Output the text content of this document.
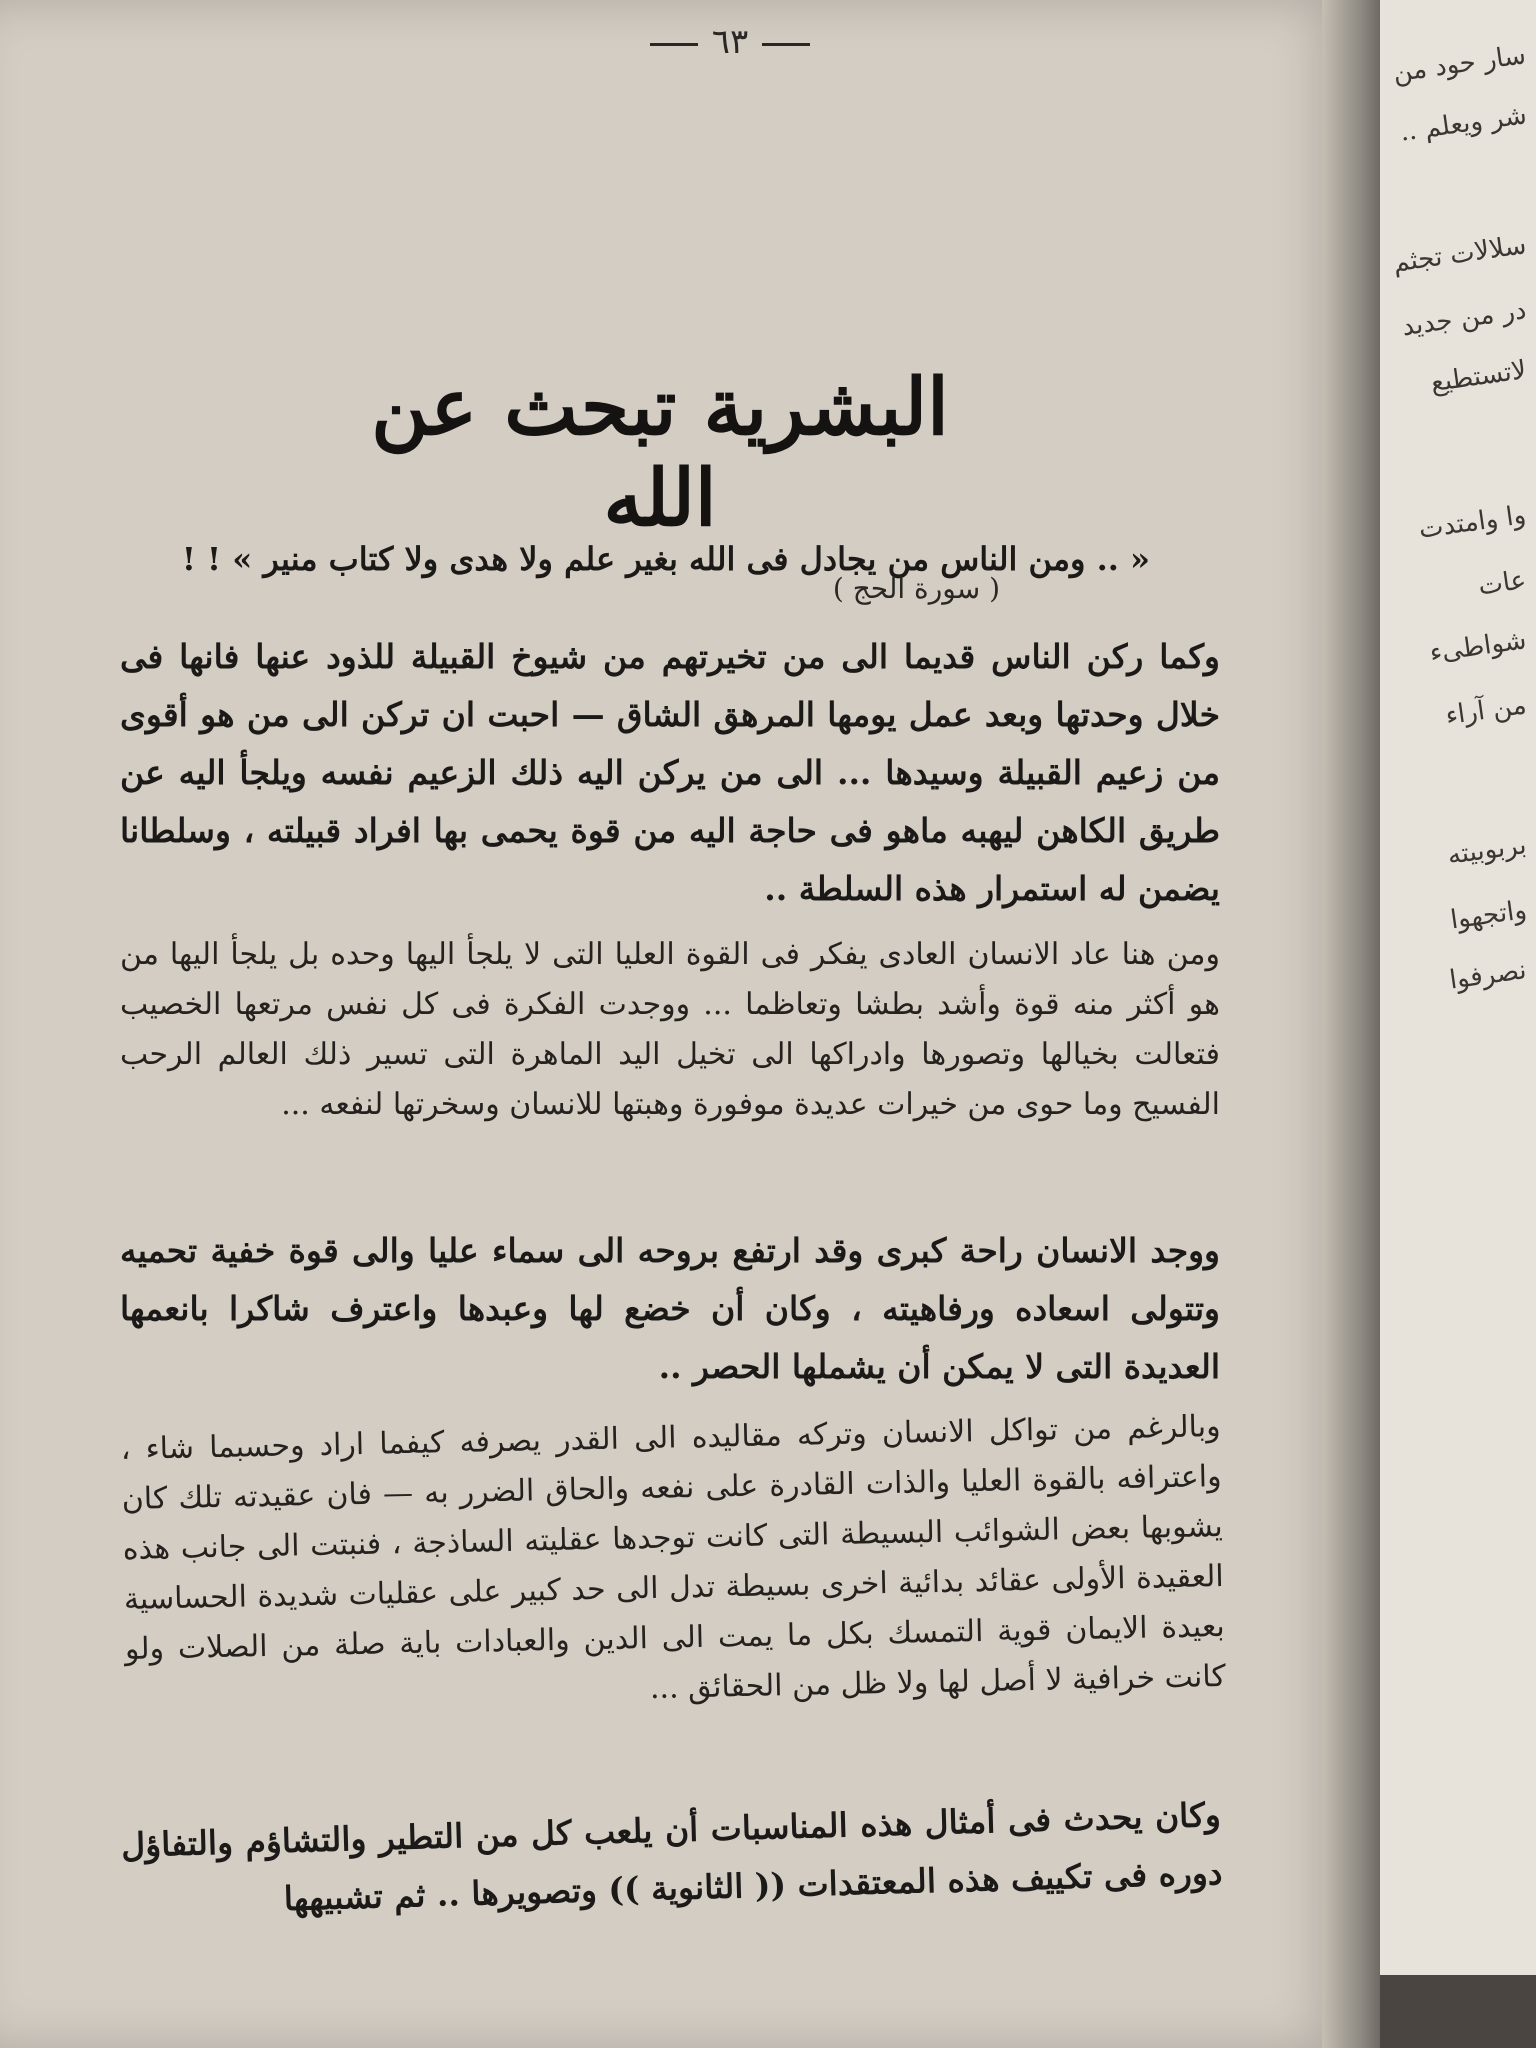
سار حود من
شر ويعلم ..
سلالات تجثم
در من جديد
لاتستطيع
وا وامتدت
عات
شواطىء
من آراء
بربوبيته
واتجهوا
نصرفوا
٦٣
البشرية تبحث عن الله
« .. ومن الناس من يجادل فى الله بغير علم ولا هدى ولا كتاب منير » ! !
( سورة الحج )
وكما ركن الناس قديما الى من تخيرتهم من شيوخ القبيلة للذود عنها فانها فى خلال وحدتها وبعد عمل يومها المرهق الشاق — احبت ان تركن الى من هو أقوى من زعيم القبيلة وسيدها ... الى من يركن اليه ذلك الزعيم نفسه ويلجأ اليه عن طريق الكاهن ليهبه ماهو فى حاجة اليه من قوة يحمى بها افراد قبيلته ، وسلطانا يضمن له استمرار هذه السلطة ..
ومن هنا عاد الانسان العادى يفكر فى القوة العليا التى لا يلجأ اليها وحده بل يلجأ اليها من هو أكثر منه قوة وأشد بطشا وتعاظما ... ووجدت الفكرة فى كل نفس مرتعها الخصيب فتعالت بخيالها وتصورها وادراكها الى تخيل اليد الماهرة التى تسير ذلك العالم الرحب الفسيح وما حوى من خيرات عديدة موفورة وهبتها للانسان وسخرتها لنفعه ...
ووجد الانسان راحة كبرى وقد ارتفع بروحه الى سماء عليا والى قوة خفية تحميه وتتولى اسعاده ورفاهيته ، وكان أن خضع لها وعبدها واعترف شاكرا بانعمها العديدة التى لا يمكن أن يشملها الحصر ..
وبالرغم من تواكل الانسان وتركه مقاليده الى القدر يصرفه كيفما اراد وحسبما شاء ، واعترافه بالقوة العليا والذات القادرة على نفعه والحاق الضرر به — فان عقيدته تلك كان يشوبها بعض الشوائب البسيطة التى كانت توجدها عقليته الساذجة ، فنبتت الى جانب هذه العقيدة الأولى عقائد بدائية اخرى بسيطة تدل الى حد كبير على عقليات شديدة الحساسية بعيدة الايمان قوية التمسك بكل ما يمت الى الدين والعبادات باية صلة من الصلات ولو كانت خرافية لا أصل لها ولا ظل من الحقائق ...
وكان يحدث فى أمثال هذه المناسبات أن يلعب كل من التطير والتشاؤم والتفاؤل دوره فى تكييف هذه المعتقدات (( الثانوية )) وتصويرها .. ثم تشبيهها
